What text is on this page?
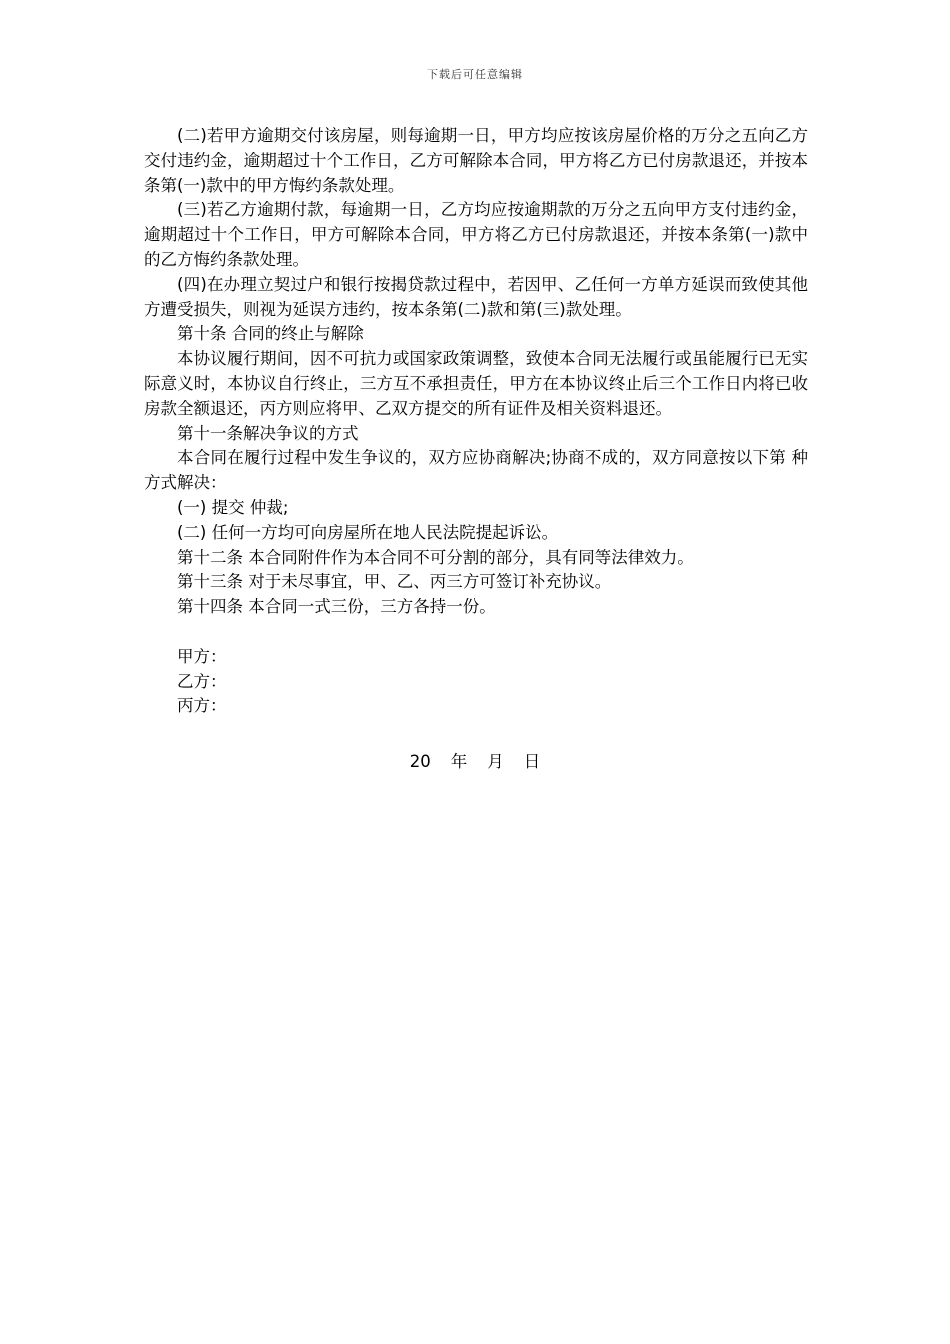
下载后可任意编辑

(二)若甲方逾期交付该房屋，则每逾期一日，甲方均应按该房屋价格的万分之五向乙方交付违约金，逾期超过十个工作日，乙方可解除本合同，甲方将乙方已付房款退还，并按本条第(一)款中的甲方悔约条款处理。

(三)若乙方逾期付款，每逾期一日，乙方均应按逾期款的万分之五向甲方支付违约金，逾期超过十个工作日，甲方可解除本合同，甲方将乙方已付房款退还，并按本条第(一)款中的乙方悔约条款处理。

(四)在办理立契过户和银行按揭贷款过程中，若因甲、乙任何一方单方延误而致使其他方遭受损失，则视为延误方违约，按本条第(二)款和第(三)款处理。

第十条 合同的终止与解除

本协议履行期间，因不可抗力或国家政策调整，致使本合同无法履行或虽能履行已无实际意义时，本协议自行终止，三方互不承担责任，甲方在本协议终止后三个工作日内将已收房款全额退还，丙方则应将甲、乙双方提交的所有证件及相关资料退还。

第十一条解决争议的方式

本合同在履行过程中发生争议的，双方应协商解决;协商不成的，双方同意按以下第 种方式解决：

(一) 提交 仲裁;

(二) 任何一方均可向房屋所在地人民法院提起诉讼。

第十二条 本合同附件作为本合同不可分割的部分，具有同等法律效力。

第十三条 对于未尽事宜，甲、乙、丙三方可签订补充协议。

第十四条 本合同一式三份，三方各持一份。

甲方：

乙方：

丙方：

20 年 月 日
